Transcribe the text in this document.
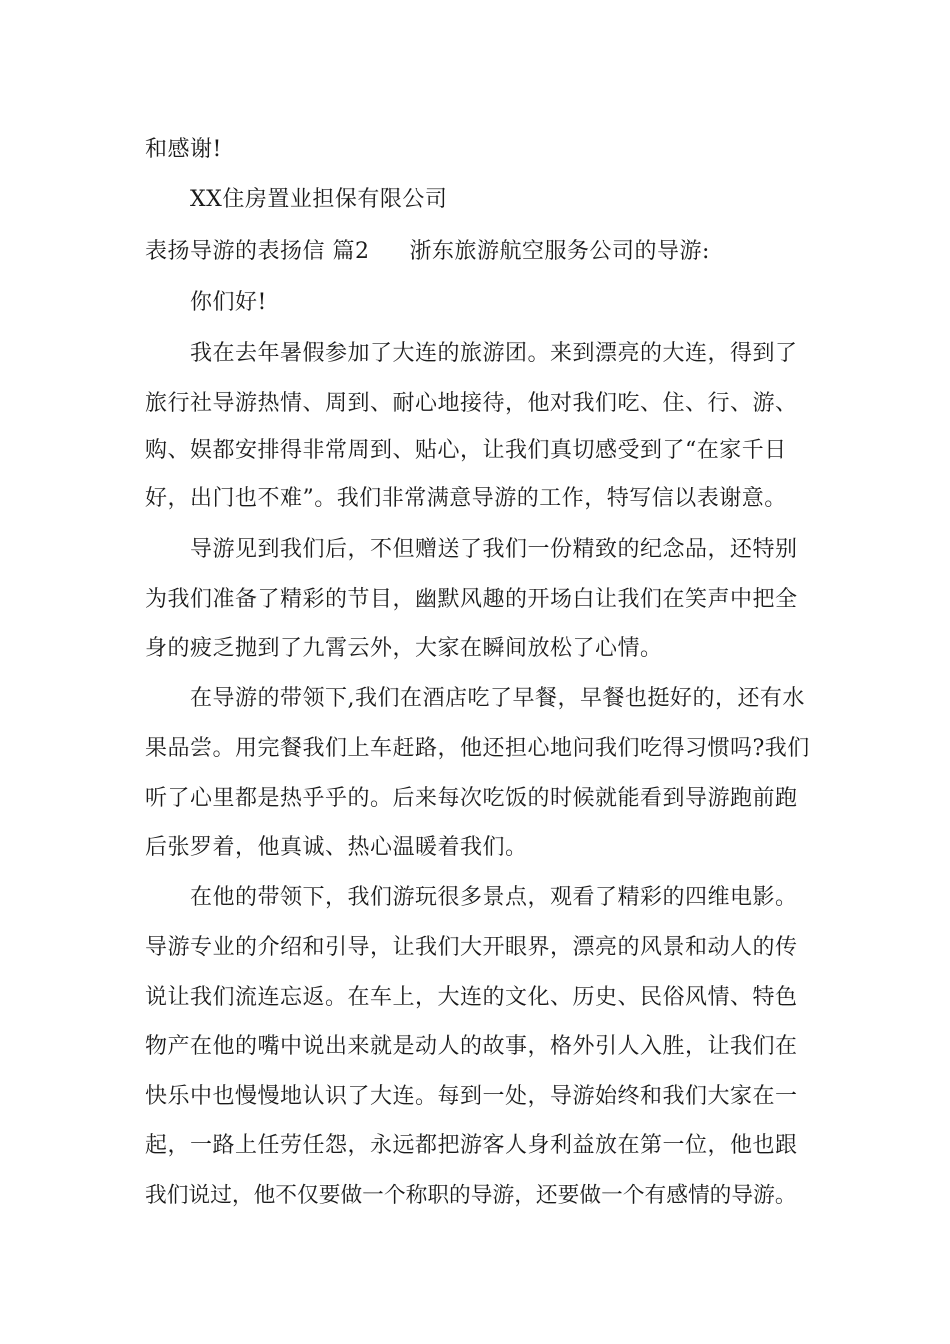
和感谢!
XX住房置业担保有限公司
表扬导游的表扬信 篇2 浙东旅游航空服务公司的导游:
你们好!
我在去年暑假参加了大连的旅游团。来到漂亮的大连，得到了
旅行社导游热情、周到、耐心地接待，他对我们吃、住、行、游、
购、娱都安排得非常周到、贴心，让我们真切感受到了“在家千日
好，出门也不难”。我们非常满意导游的工作，特写信以表谢意。
导游见到我们后，不但赠送了我们一份精致的纪念品，还特别
为我们准备了精彩的节目，幽默风趣的开场白让我们在笑声中把全
身的疲乏抛到了九霄云外，大家在瞬间放松了心情。
在导游的带领下,我们在酒店吃了早餐，早餐也挺好的，还有水
果品尝。用完餐我们上车赶路，他还担心地问我们吃得习惯吗?我们
听了心里都是热乎乎的。后来每次吃饭的时候就能看到导游跑前跑
后张罗着，他真诚、热心温暖着我们。
在他的带领下，我们游玩很多景点，观看了精彩的四维电影。
导游专业的介绍和引导，让我们大开眼界，漂亮的风景和动人的传
说让我们流连忘返。在车上，大连的文化、历史、民俗风情、特色
物产在他的嘴中说出来就是动人的故事，格外引人入胜，让我们在
快乐中也慢慢地认识了大连。每到一处，导游始终和我们大家在一
起，一路上任劳任怨，永远都把游客人身利益放在第一位，他也跟
我们说过，他不仅要做一个称职的导游，还要做一个有感情的导游。
